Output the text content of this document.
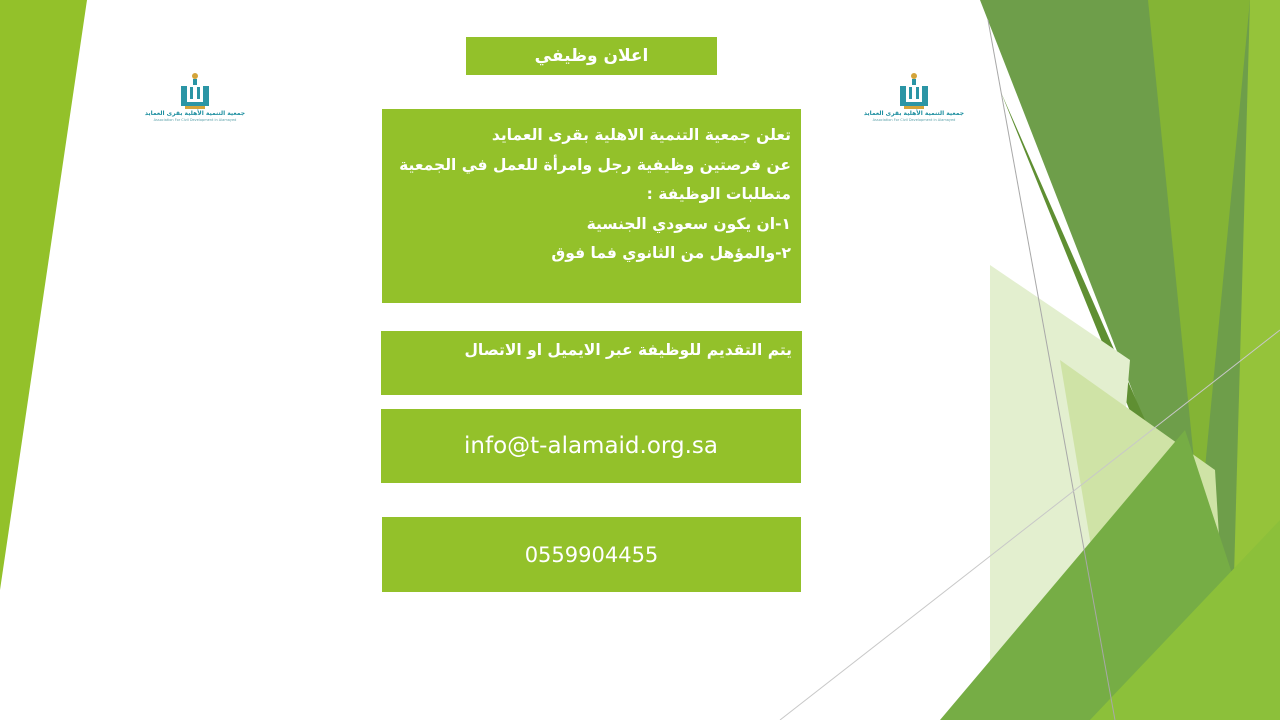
جمعية التنمية الأهلية بقرى العمايد
Association For Civil Development in Alamayed
جمعية التنمية الأهلية بقرى العمايد
Association For Civil Development in Alamayed
اعلان وظيفي
تعلن جمعية التنمية الاهلية بقرى العمايد
عن فرصتين وظيفية رجل وامرأة للعمل في الجمعية
متطلبات الوظيفة :
١-ان يكون سعودي الجنسية
٢-والمؤهل من الثانوي فما فوق
يتم التقديم للوظيفة عبر الايميل او الاتصال
info@t-alamaid.org.sa
0559904455
